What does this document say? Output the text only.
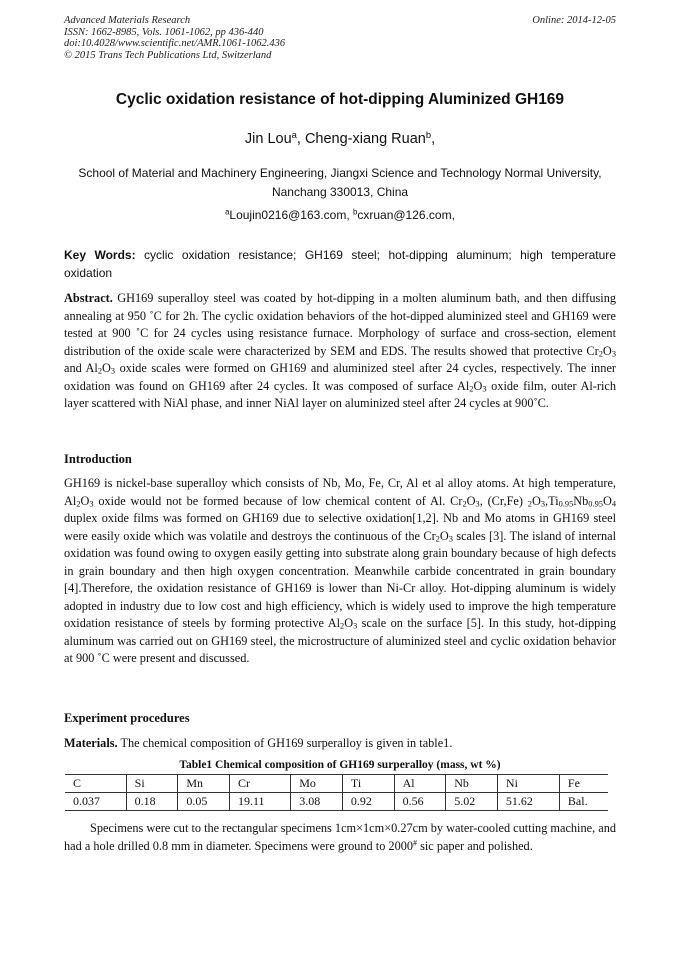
Advanced Materials Research
ISSN: 1662-8985, Vols. 1061-1062, pp 436-440
doi:10.4028/www.scientific.net/AMR.1061-1062.436
© 2015 Trans Tech Publications Ltd, Switzerland
Online: 2014-12-05
Cyclic oxidation resistance of hot-dipping Aluminized GH169
Jin Lou$^a$, Cheng-xiang Ruan$^b$,
School of Material and Machinery Engineering, Jiangxi Science and Technology Normal University,
Nanchang 330013, China
$^a$Loujin0216@163.com, $^b$cxruan@126.com,
Key Words: cyclic oxidation resistance; GH169 steel; hot-dipping aluminum; high temperature oxidation
Abstract. GH169 superalloy steel was coated by hot-dipping in a molten aluminum bath, and then diffusing annealing at 950 ˚C for 2h. The cyclic oxidation behaviors of the hot-dipped aluminized steel and GH169 were tested at 900 ˚C for 24 cycles using resistance furnace. Morphology of surface and cross-section, element distribution of the oxide scale were characterized by SEM and EDS. The results showed that protective $Cr_2O_3$ and $Al_2O_3$ oxide scales were formed on GH169 and aluminized steel after 24 cycles, respectively. The inner oxidation was found on GH169 after 24 cycles. It was composed of surface $Al_2O_3$ oxide film, outer Al-rich layer scattered with NiAl phase, and inner NiAl layer on aluminized steel after 24 cycles at 900˚C.
Introduction
GH169 is nickel-base superalloy which consists of Nb, Mo, Fe, Cr, Al et al alloy atoms. At high temperature, $Al_2O_3$ oxide would not be formed because of low chemical content of Al. $Cr_2O_3$, (Cr,Fe) $_2O_3,Ti_{0.95}Nb_{0.95}O_4$ duplex oxide films was formed on GH169 due to selective oxidation[1,2]. Nb and Mo atoms in GH169 steel were easily oxide which was volatile and destroys the continuous of the $Cr_2O_3$ scales [3]. The island of internal oxidation was found owing to oxygen easily getting into substrate along grain boundary because of high defects in grain boundary and then high oxygen concentration. Meanwhile carbide concentrated in grain boundary [4].Therefore, the oxidation resistance of GH169 is lower than Ni-Cr alloy. Hot-dipping aluminum is widely adopted in industry due to low cost and high efficiency, which is widely used to improve the high temperature oxidation resistance of steels by forming protective $Al_2O_3$ scale on the surface [5]. In this study, hot-dipping aluminum was carried out on GH169 steel, the microstructure of aluminized steel and cyclic oxidation behavior at 900 ˚C were present and discussed.
Experiment procedures
Materials. The chemical composition of GH169 surperalloy is given in table1.
Table1 Chemical composition of GH169 surperalloy (mass, wt %)
C	Si	Mn	Cr	Mo	Ti	Al	Nb	Ni	Fe
0.037	0.18	0.05	19.11	3.08	0.92	0.56	5.02	51.62	Bal.
Specimens were cut to the rectangular specimens 1cm×1cm×0.27cm by water-cooled cutting machine, and had a hole drilled 0.8 mm in diameter. Specimens were ground to 2000# sic paper and polished.
